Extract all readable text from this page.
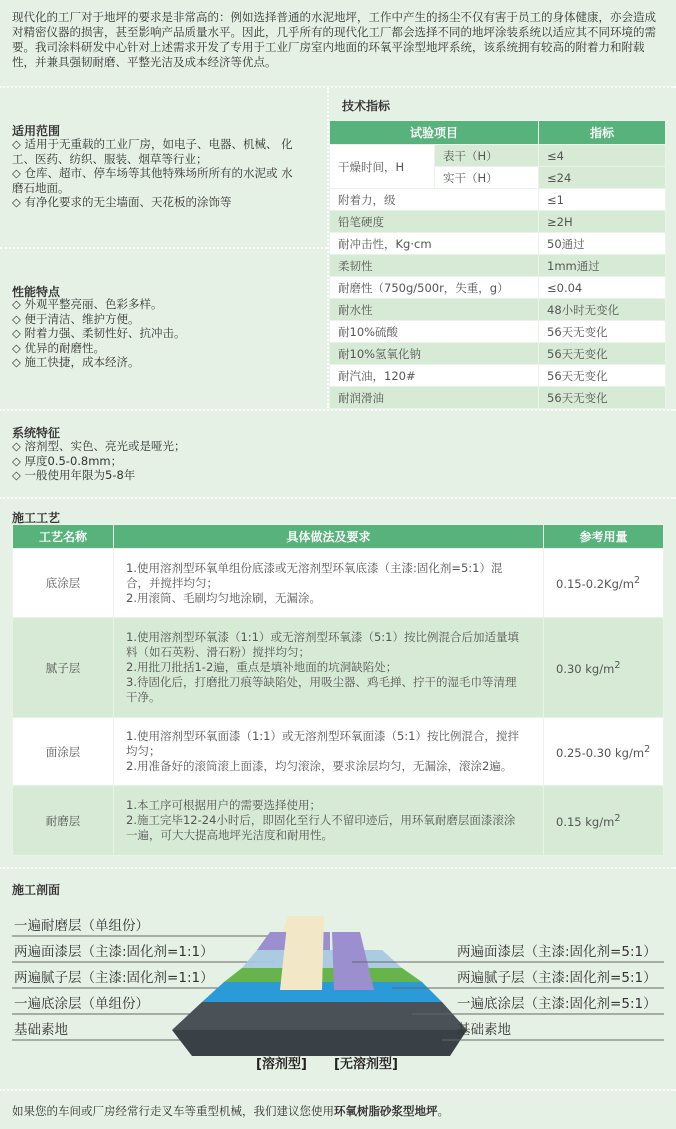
现代化的工厂对于地坪的要求是非常高的：例如选择普通的水泥地坪，工作中产生的扬尘不仅有害于员工的身体健康，亦会造成对精密仪器的损害，甚至影响产品质量水平。因此，几乎所有的现代化工厂都会选择不同的地坪涂装系统以适应其不同环境的需要。我司涂料研发中心针对上述需求开发了专用于工业厂房室内地面的环氧平涂型地坪系统，该系统拥有较高的附着力和附载性，并兼具强韧耐磨、平整光洁及成本经济等优点。
适用范围
◇ 适用于无重载的工业厂房，如电子、电器、机械、 化
工、医药、纺织、服装、烟草等行业；
◇ 仓库、超市、停车场等其他特殊场所所有的水泥或 水
磨石地面。
◇ 有净化要求的无尘墙面、天花板的涂饰等
性能特点
◇ 外观平整亮丽、色彩多样。
◇ 便于清洁、维护方便。
◇ 附着力强、柔韧性好、抗冲击。
◇ 优异的耐磨性。
◇ 施工快捷，成本经济。
技术指标
试验项目		指标
干燥时间，H	表干（H）	≤4
	实干（H）	≤24
附着力，级		≤1
铅笔硬度		≥2H
耐冲击性，Kg·cm		50通过
柔韧性		1mm通过
耐磨性（750g/500r，失重，g）		≤0.04
耐水性		48小时无变化
耐10%硫酸		56天无变化
耐10%氢氧化钠		56天无变化
耐汽油，120#		56天无变化
耐润滑油		56天无变化
系统特征
◇ 溶剂型、实色、亮光或是哑光；
◇ 厚度0.5-0.8mm；
◇ 一般使用年限为5-8年
施工工艺
工艺名称	具体做法及要求	参考用量
底涂层	1.使用溶剂型环氧单组份底漆或无溶剂型环氧底漆（主漆:固化剂=5:1）混
合，并搅拌均匀；
2.用滚筒、毛刷均匀地涂刷，无漏涂。	$0.15-0.2Kg/m^2$
腻子层	1.使用溶剂型环氧漆（1:1）或无溶剂型环氧漆（5:1）按比例混合后加适量填
料（如石英粉、滑石粉）搅拌均匀；
2.用批刀批括1-2遍，重点是填补地面的坑洞缺陷处；
3.待固化后，打磨批刀痕等缺陷处，用吸尘器、鸡毛掸、拧干的湿毛巾等清理
干净。	0.30 $kg/m^2$
面涂层	1.使用溶剂型环氧面漆（1:1）或无溶剂型环氧面漆（5:1）按比例混合，搅拌
均匀；
2.用准备好的滚筒滚上面漆，均匀滚涂，要求涂层均匀，无漏涂，滚涂2遍。	0.25-0.30 $kg/m^2$
耐磨层	1.本工序可根据用户的需要选择使用；
2.施工完毕12-24小时后，即固化至行人不留印迹后，用环氧耐磨层面漆滚涂
一遍，可大大提高地坪光洁度和耐用性。	0.15 $kg/m^2$
施工剖面
一遍耐磨层（单组份）
两遍面漆层（主漆:固化剂=1:1）
两遍腻子层（主漆:固化剂=1:1）
一遍底涂层（单组份）
基础素地
两遍面漆层（主漆:固化剂=5:1）
两遍腻子层（主漆:固化剂=5:1）
一遍底涂层（主漆:固化剂=5:1）
基础素地
[溶剂型] [无溶剂型]
如果您的车间或厂房经常行走叉车等重型机械，我们建议您使用环氧树脂砂浆型地坪。
